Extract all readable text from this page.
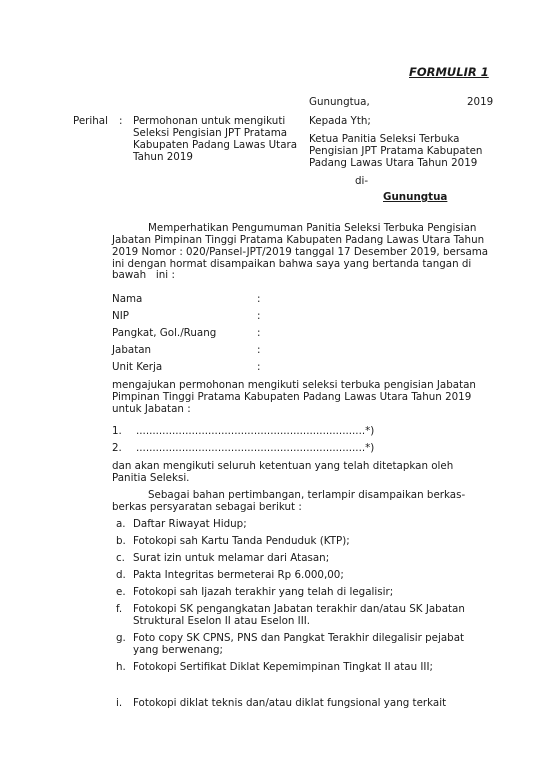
FORMULIR 1
Gunungtua,	2019
Perihal : Permohonan untuk mengikuti
Seleksi Pengisian JPT Pratama
Kabupaten Padang Lawas Utara
Tahun 2019
Kepada Yth;
Ketua Panitia Seleksi Terbuka
Pengisian JPT Pratama Kabupaten
Padang Lawas Utara Tahun 2019
di-
Gunungtua
Memperhatikan Pengumuman Panitia Seleksi Terbuka Pengisian
Jabatan Pimpinan Tinggi Pratama Kabupaten Padang Lawas Utara Tahun
2019 Nomor : 020/Pansel-JPT/2019 tanggal 17 Desember 2019, bersama
ini dengan hormat disampaikan bahwa saya yang bertanda tangan di
bawah   ini :
Nama	:
NIP	:
Pangkat, Gol./Ruang	:
Jabatan	:
Unit Kerja	:
mengajukan permohonan mengikuti seleksi terbuka pengisian Jabatan
Pimpinan Tinggi Pratama Kabupaten Padang Lawas Utara Tahun 2019
untuk Jabatan :
1. ......................................................................*)
2. ......................................................................*)
dan akan mengikuti seluruh ketentuan yang telah ditetapkan oleh
Panitia Seleksi.
Sebagai bahan pertimbangan, terlampir disampaikan berkas-
berkas persyaratan sebagai berikut :
a. Daftar Riwayat Hidup;
b. Fotokopi sah Kartu Tanda Penduduk (KTP);
c. Surat izin untuk melamar dari Atasan;
d. Pakta Integritas bermeterai Rp 6.000,00;
e. Fotokopi sah Ijazah terakhir yang telah di legalisir;
f. Fotokopi SK pengangkatan Jabatan terakhir dan/atau SK Jabatan
Struktural Eselon II atau Eselon III.
g. Foto copy SK CPNS, PNS dan Pangkat Terakhir dilegalisir pejabat
yang berwenang;
h. Fotokopi Sertifikat Diklat Kepemimpinan Tingkat II atau III;
i. Fotokopi diklat teknis dan/atau diklat fungsional yang terkait
